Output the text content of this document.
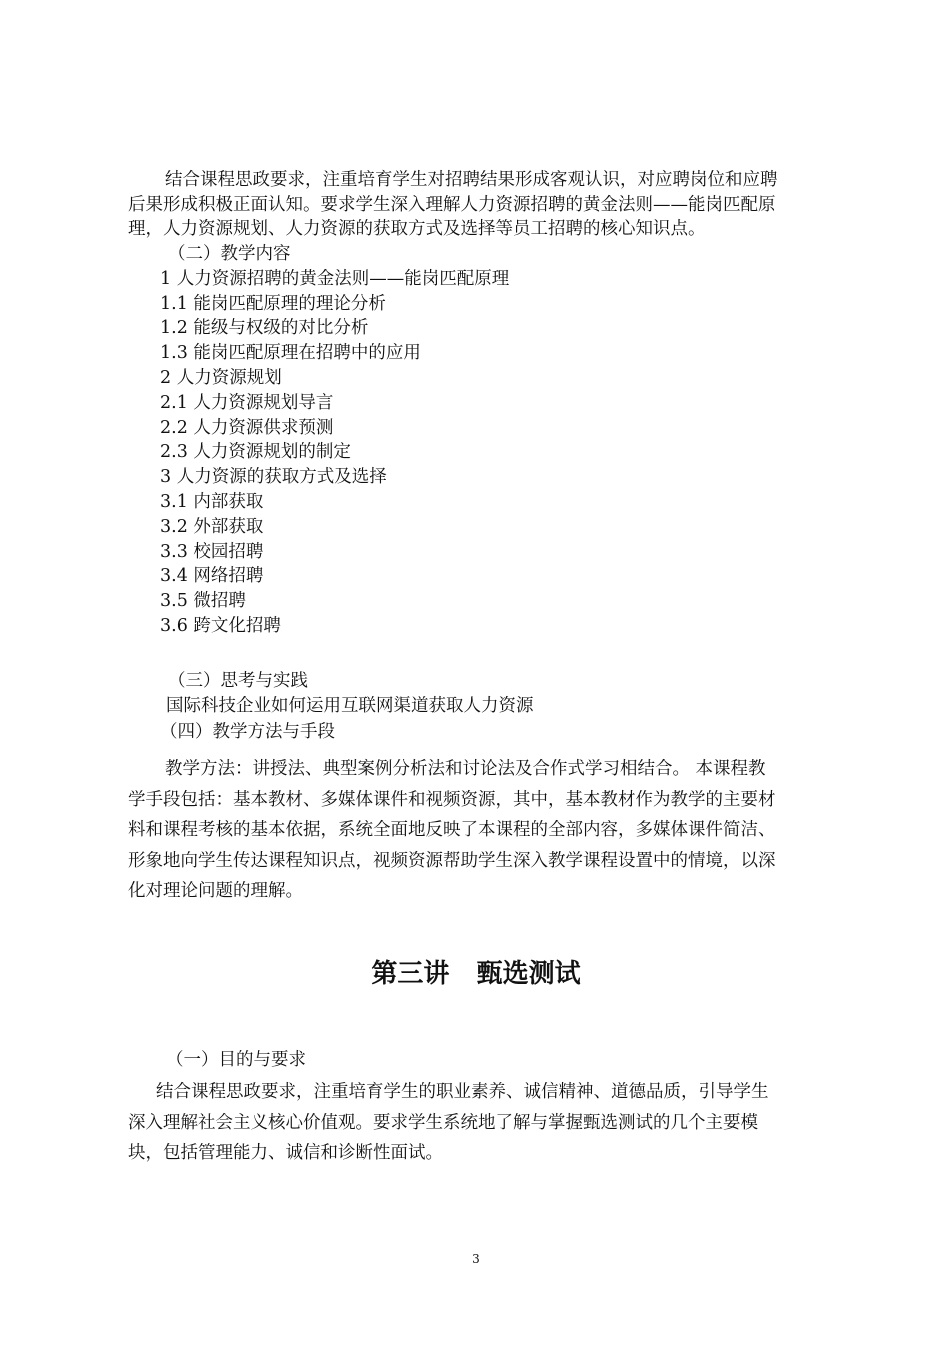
结合课程思政要求，注重培育学生对招聘结果形成客观认识，对应聘岗位和应聘
后果形成积极正面认知。要求学生深入理解人力资源招聘的黄金法则——能岗匹配原
理，人力资源规划、人力资源的获取方式及选择等员工招聘的核心知识点。

（二）教学内容
1 人力资源招聘的黄金法则——能岗匹配原理
1.1 能岗匹配原理的理论分析
1.2 能级与权级的对比分析
1.3 能岗匹配原理在招聘中的应用
2 人力资源规划
2.1 人力资源规划导言
2.2 人力资源供求预测
2.3 人力资源规划的制定
3 人力资源的获取方式及选择
3.1 内部获取
3.2 外部获取
3.3 校园招聘
3.4 网络招聘
3.5 微招聘
3.6 跨文化招聘

（三）思考与实践

国际科技企业如何运用互联网渠道获取人力资源

（四）教学方法与手段

教学方法：讲授法、典型案例分析法和讨论法及合作式学习相结合。 本课程教
学手段包括：基本教材、多媒体课件和视频资源，其中，基本教材作为教学的主要材
料和课程考核的基本依据，系统全面地反映了本课程的全部内容，多媒体课件简洁、
形象地向学生传达课程知识点，视频资源帮助学生深入教学课程设置中的情境，以深
化对理论问题的理解。

第三讲   甄选测试

（一）目的与要求

结合课程思政要求，注重培育学生的职业素养、诚信精神、道德品质，引导学生
深入理解社会主义核心价值观。要求学生系统地了解与掌握甄选测试的几个主要模
块，包括管理能力、诚信和诊断性面试。

3
